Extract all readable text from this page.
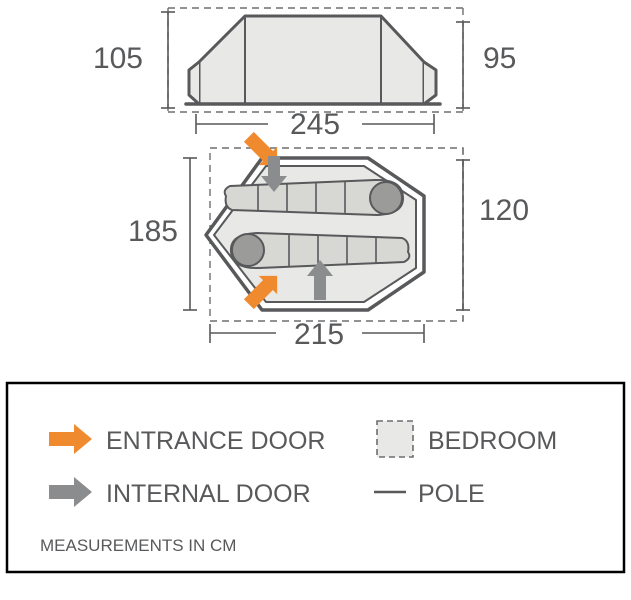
105	95
245
185
120
215
ENTRANCE DOOR	BEDROOM
INTERNAL DOOR	POLE
MEASUREMENTS IN CM
